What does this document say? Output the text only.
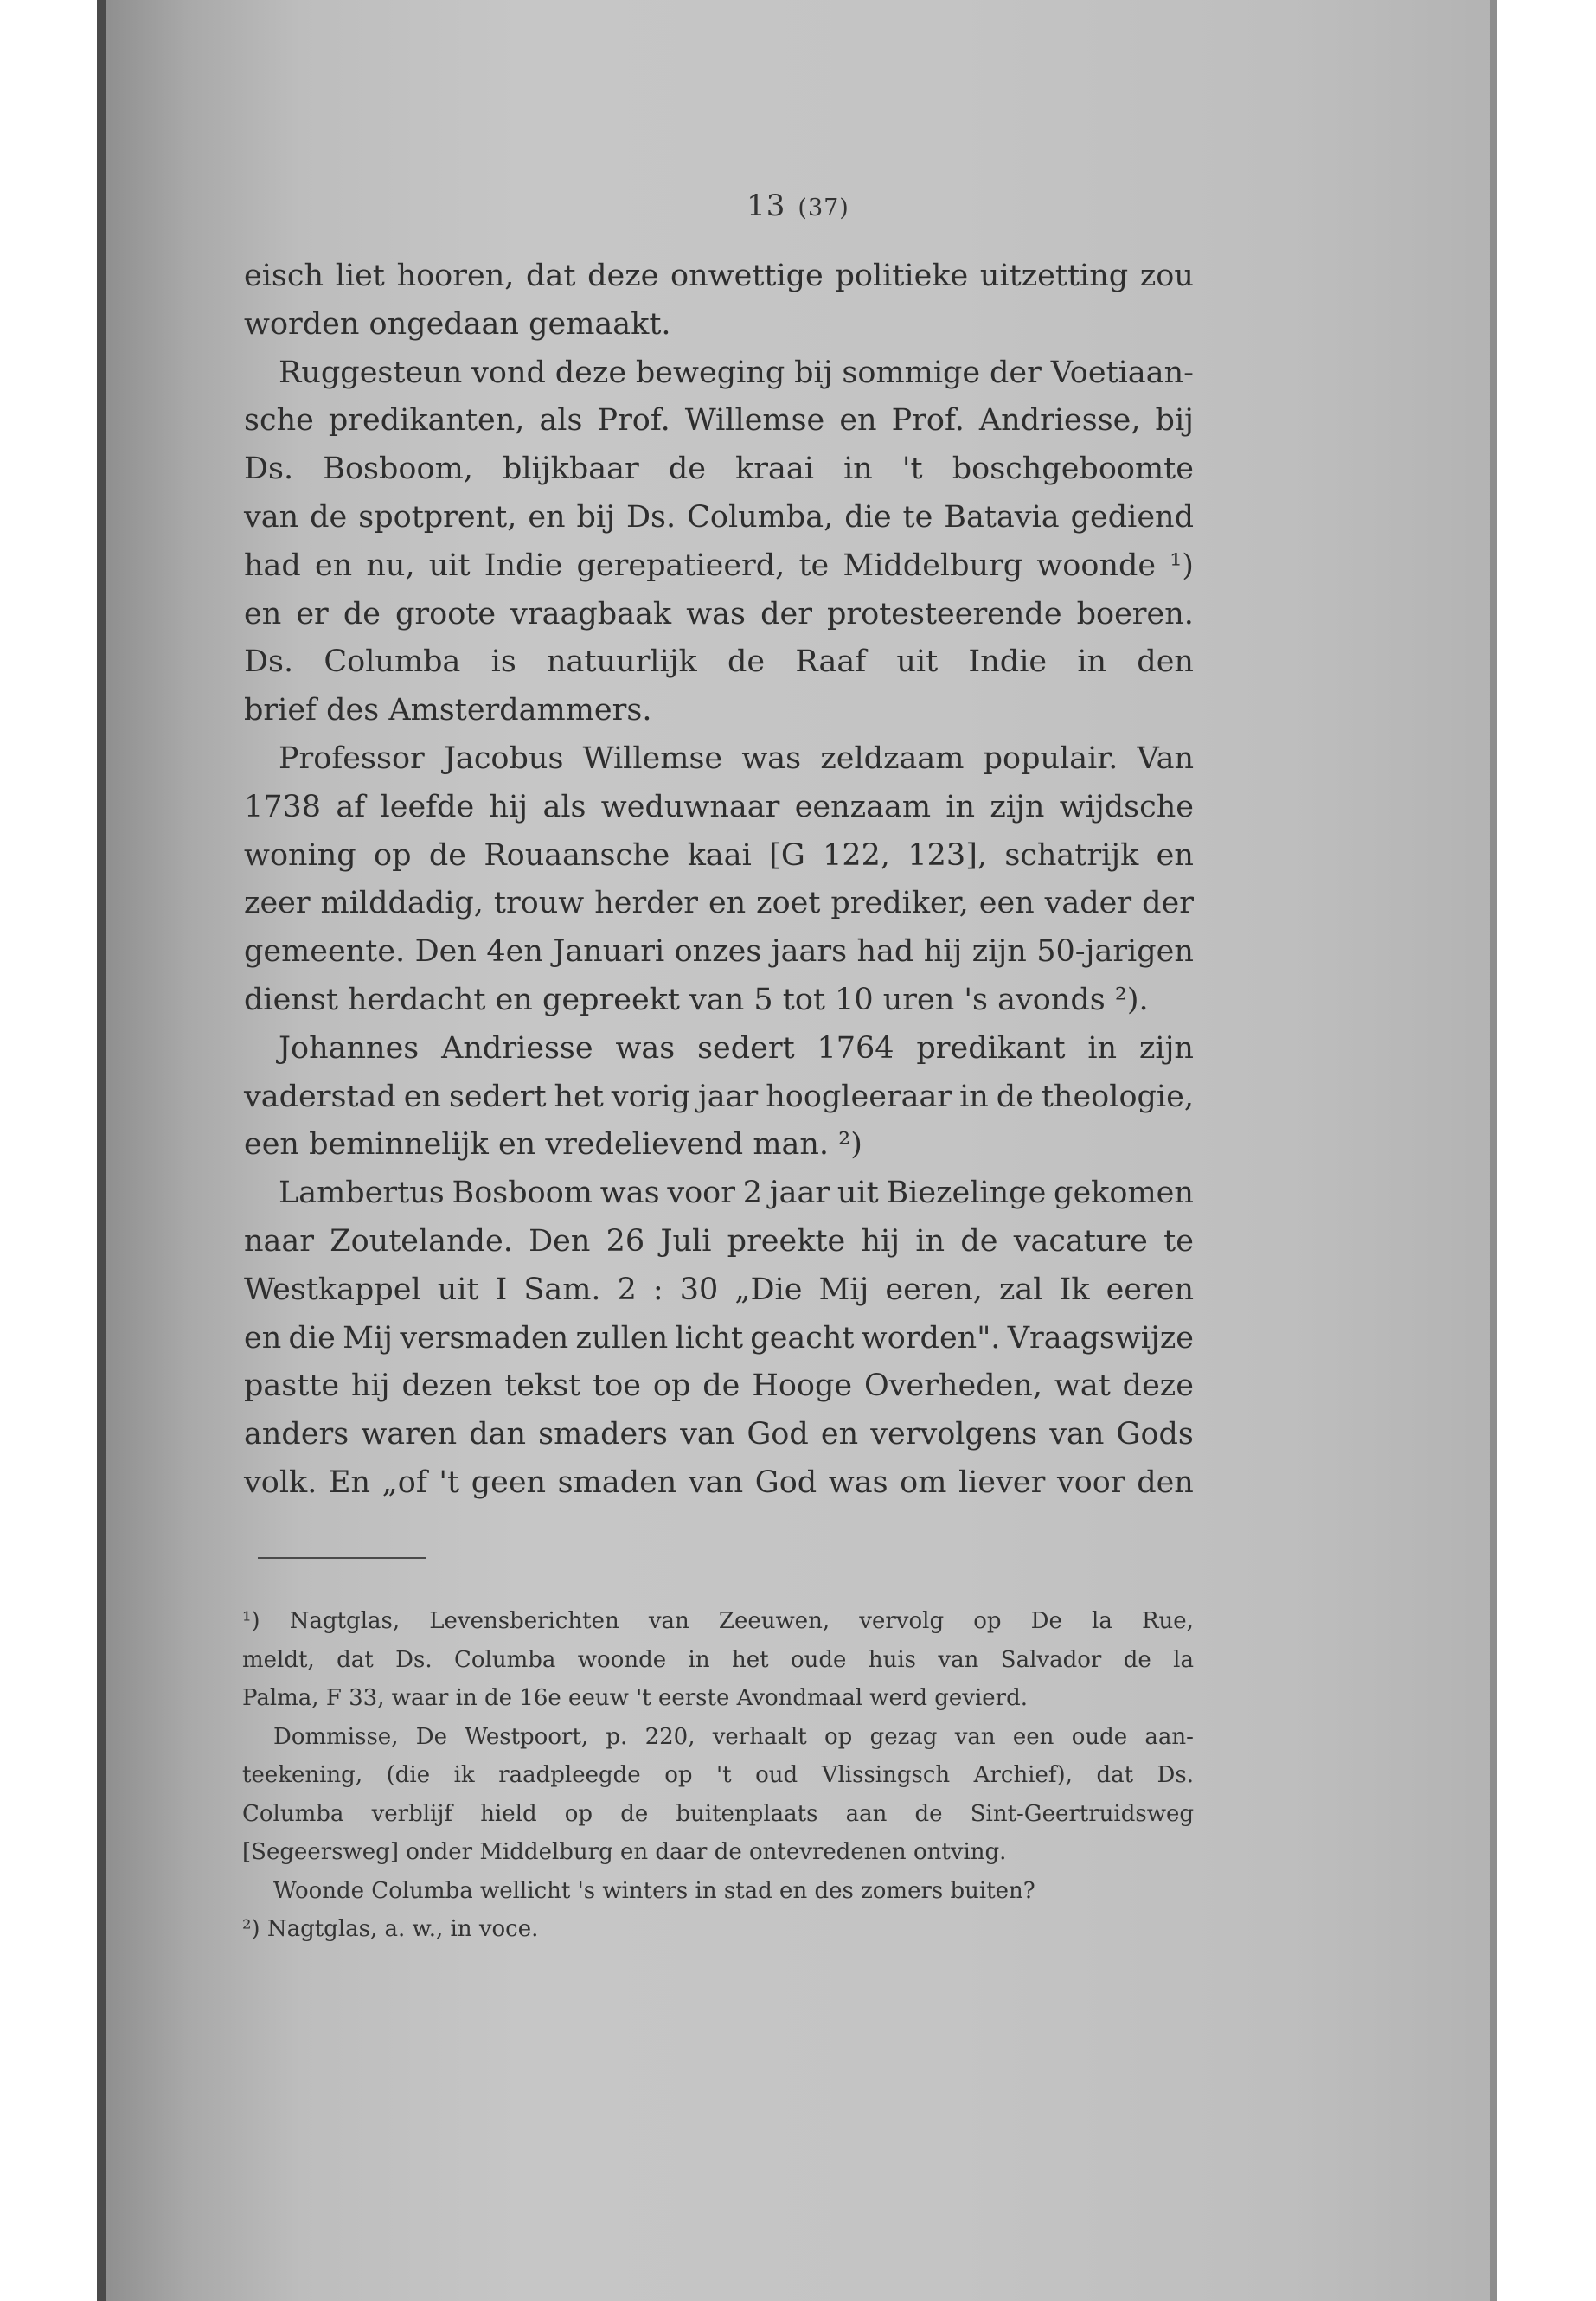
13 (37)
eisch liet hooren, dat deze onwettige politieke uitzetting zou
worden ongedaan gemaakt.
Ruggesteun vond deze beweging bij sommige der Voetiaan-
sche predikanten, als Prof. Willemse en Prof. Andriesse, bij
Ds. Bosboom, blijkbaar de kraai in 't boschgeboomte
van de spotprent, en bij Ds. Columba, die te Batavia gediend
had en nu, uit Indie gerepatieerd, te Middelburg woonde ¹)
en er de groote vraagbaak was der protesteerende boeren.
Ds. Columba is natuurlijk de Raaf uit Indie in den
brief des Amsterdammers.
Professor Jacobus Willemse was zeldzaam populair. Van
1738 af leefde hij als weduwnaar eenzaam in zijn wijdsche
woning op de Rouaansche kaai [G 122, 123], schatrijk en
zeer milddadig, trouw herder en zoet prediker, een vader der
gemeente. Den 4en Januari onzes jaars had hij zijn 50-jarigen
dienst herdacht en gepreekt van 5 tot 10 uren 's avonds ²).
Johannes Andriesse was sedert 1764 predikant in zijn
vaderstad en sedert het vorig jaar hoogleeraar in de theologie,
een beminnelijk en vredelievend man. ²)
Lambertus Bosboom was voor 2 jaar uit Biezelinge gekomen
naar Zoutelande. Den 26 Juli preekte hij in de vacature te
Westkappel uit I Sam. 2 : 30 „Die Mij eeren, zal Ik eeren
en die Mij versmaden zullen licht geacht worden". Vraagswijze
pastte hij dezen tekst toe op de Hooge Overheden, wat deze
anders waren dan smaders van God en vervolgens van Gods
volk. En „of 't geen smaden van God was om liever voor den
¹) Nagtglas, Levensberichten van Zeeuwen, vervolg op De la Rue,
meldt, dat Ds. Columba woonde in het oude huis van Salvador de la
Palma, F 33, waar in de 16e eeuw 't eerste Avondmaal werd gevierd.
Dommisse, De Westpoort, p. 220, verhaalt op gezag van een oude aan-
teekening, (die ik raadpleegde op 't oud Vlissingsch Archief), dat Ds.
Columba verblijf hield op de buitenplaats aan de Sint-Geertruidsweg
[Segeersweg] onder Middelburg en daar de ontevredenen ontving.
Woonde Columba wellicht 's winters in stad en des zomers buiten?
²) Nagtglas, a. w., in voce.
